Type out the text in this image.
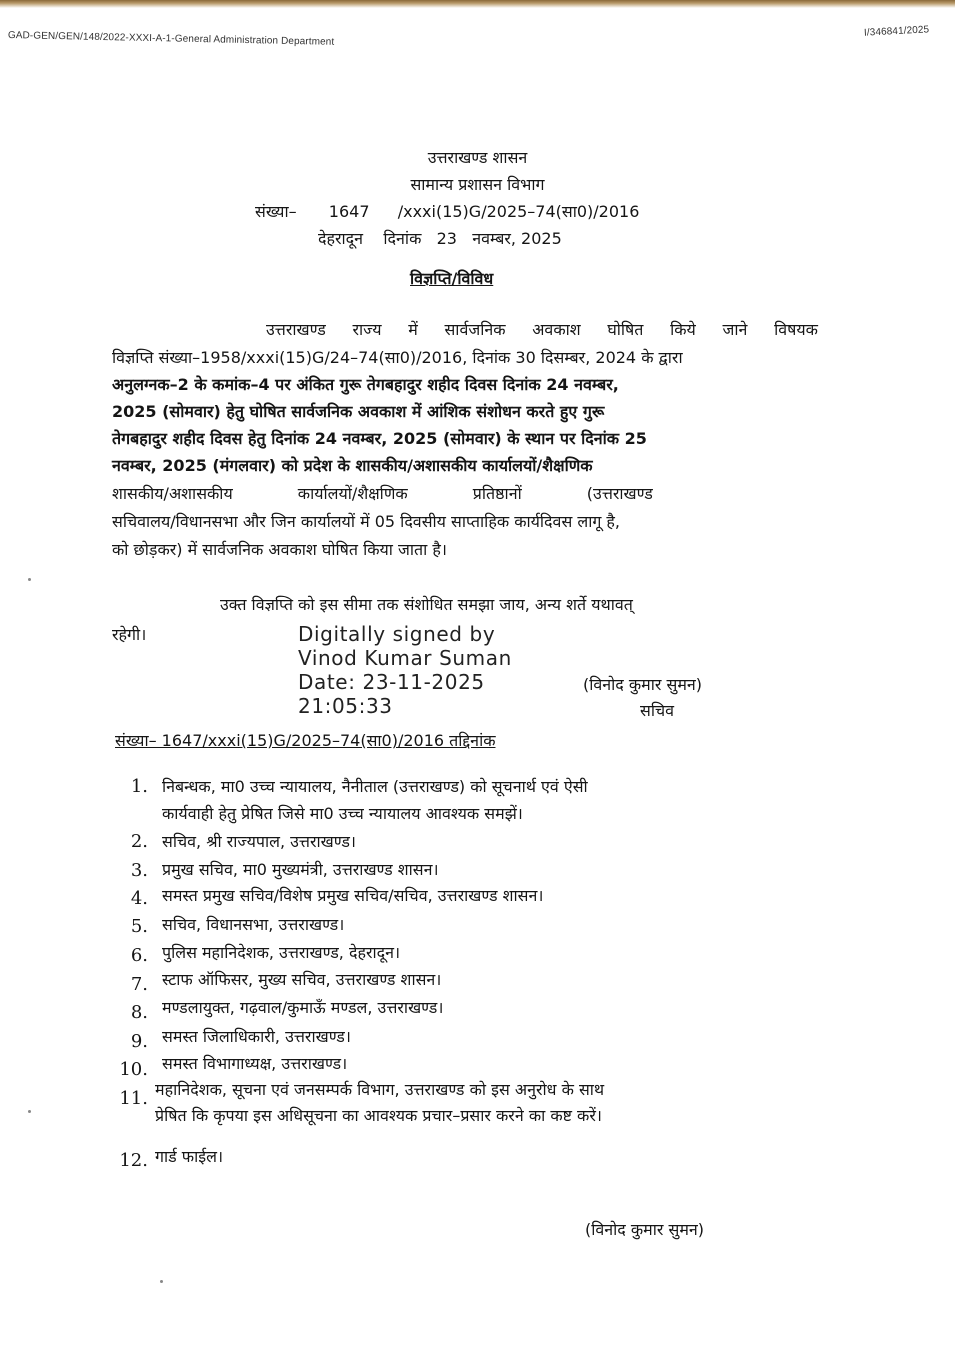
GAD-GEN/GEN/148/2022-XXXI-A-1-General Administration Department	I/346841/2025
उत्तराखण्ड शासन
सामान्य प्रशासन विभाग
संख्या– 1647 /xxxi(15)G/2025–74(सा0)/2016
देहरादून    दिनांक   23   नवम्बर, 2025
विज्ञप्ति/विविध
उत्तराखण्ड राज्य में सार्वजनिक अवकाश घोषित किये जाने विषयक
विज्ञप्ति संख्या–1958/xxxi(15)G/24–74(सा0)/2016, दिनांक 30 दिसम्बर, 2024 के द्वारा
अनुलग्नक–2 के कमांक–4 पर अंकित गुरू तेगबहादुर शहीद दिवस दिनांक 24 नवम्बर,
2025 (सोमवार) हेतु घोषित सार्वजनिक अवकाश में आंशिक संशोधन करते हुए गुरू
तेगबहादुर शहीद दिवस हेतु दिनांक 24 नवम्बर, 2025 (सोमवार) के स्थान पर दिनांक 25
नवम्बर, 2025 (मंगलवार) को प्रदेश के शासकीय/अशासकीय कार्यालयों/शैक्षणिक
शासकीय/अशासकीय कार्यालयों/शैक्षणिक प्रतिष्ठानों (उत्तराखण्ड
सचिवालय/विधानसभा और जिन कार्यालयों में 05 दिवसीय साप्ताहिक कार्यदिवस लागू है,
को छोड़कर) में सार्वजनिक अवकाश घोषित किया जाता है।
उक्त विज्ञप्ति को इस सीमा तक संशोधित समझा जाय, अन्य शर्ते यथावत्
रहेगी।	Digitally signed by
Vinod Kumar Suman
Date: 23-11-2025
21:05:33
(विनोद कुमार सुमन)
सचिव
संख्या– 1647/xxxi(15)G/2025–74(सा0)/2016 तद्दिनांक
1. निबन्धक, मा0 उच्च न्यायालय, नैनीताल (उत्तराखण्ड) को सूचनार्थ एवं ऐसी
कार्यवाही हेतु प्रेषित जिसे मा0 उच्च न्यायालय आवश्यक समझें।
2. सचिव, श्री राज्यपाल, उत्तराखण्ड।
3. प्रमुख सचिव, मा0 मुख्यमंत्री, उत्तराखण्ड शासन।
4. समस्त प्रमुख सचिव/विशेष प्रमुख सचिव/सचिव, उत्तराखण्ड शासन।
5. सचिव, विधानसभा, उत्तराखण्ड।
6. पुलिस महानिदेशक, उत्तराखण्ड, देहरादून।
7. स्टाफ ऑफिसर, मुख्य सचिव, उत्तराखण्ड शासन।
8. मण्डलायुक्त, गढ़वाल/कुमाऊँ मण्डल, उत्तराखण्ड।
9. समस्त जिलाधिकारी, उत्तराखण्ड।
10. समस्त विभागाध्यक्ष, उत्तराखण्ड।
11. महानिदेशक, सूचना एवं जनसम्पर्क विभाग, उत्तराखण्ड को इस अनुरोध के साथ
प्रेषित कि कृपया इस अधिसूचना का आवश्यक प्रचार–प्रसार करने का कष्ट करें।
12. गार्ड फाईल।
(विनोद कुमार सुमन)
